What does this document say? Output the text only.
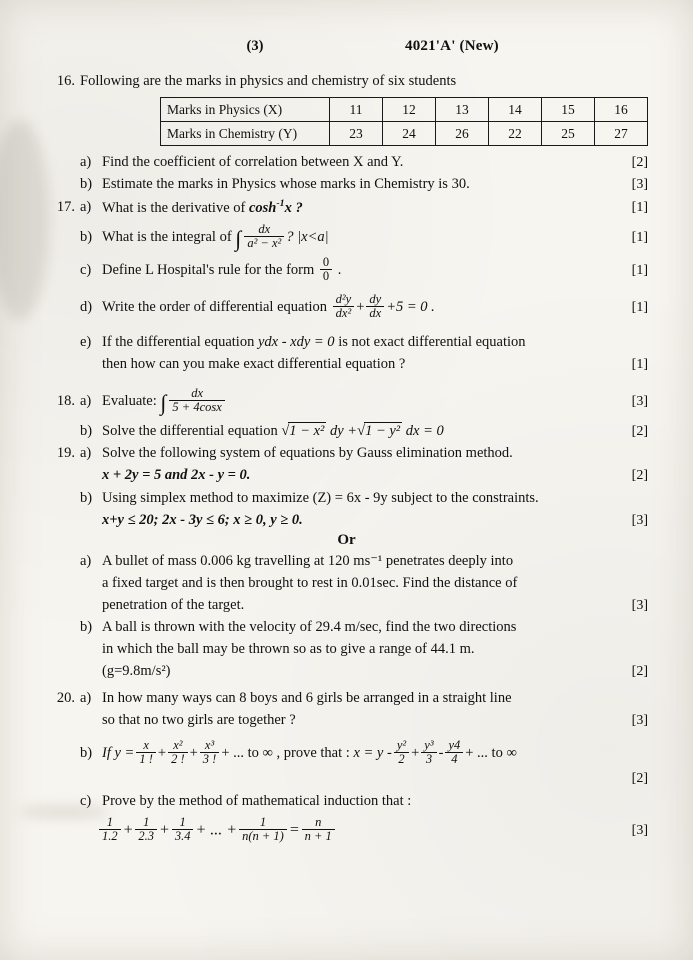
(3)	4021'A' (New)
16. Following are the marks in physics and chemistry of six students
Marks in Physics (X)	11	12	13	14	15	16
Marks in Chemistry (Y)	23	24	26	22	25	27
a) Find the coefficient of correlation between X and Y.	[2]
b) Estimate the marks in Physics whose marks in Chemistry is 30.	[3]
17. a) What is the derivative of $\cosh^{-1}x$ ?	[1]
b) What is the integral of ∫ $\frac{dx}{\text{a² − x²}}$ ? |x<a|	[1]
c) Define L Hospital's rule for the form $\frac{0}{0}$ .	[1]
d) Write the order of differential equation $\frac{\text{d²y}}{\text{dx²}} + \frac{dy}{dx} +5 = 0$ .	[1]
e) If the differential equation ydx - xdy = 0 is not exact differential equation
then how can you make exact differential equation ?	[1]
18. a) Evaluate: ∫ $\frac{dx}{5 + 4\cos x}$	[3]
b) Solve the differential equation √1 − x² dy +√1 − y² dx = 0	[2]
19. a) Solve the following system of equations by Gauss elimination method.
x + 2y = 5 and 2x - y = 0.	[2]
b) Using simplex method to maximize (Z) = 6x - 9y subject to the constraints.
x+y ≤ 20; 2x - 3y ≤ 6; x ≥ 0, y ≥ 0.	[3]
Or
a) A bullet of mass 0.006 kg travelling at 120 ms⁻¹ penetrates deeply into
a fixed target and is then brought to rest in 0.01sec. Find the distance of
penetration of the target.	[3]
b) A ball is thrown with the velocity of 29.4 m/sec, find the two directions
in which the ball may be thrown so as to give a range of 44.1 m.
(g=9.8m/s²)	[2]
20. a) In how many ways can 8 boys and 6 girls be arranged in a straight line
so that no two girls are together ?	[3]
b) If $y = \frac{x}{1 !} + \frac{\text{x²}}{2 !} + \frac{\text{x³}}{3 !}$ + ... to ∞ , prove that : $x = y - \frac{\text{y²}}{2} + \frac{\text{y³}}{3} - \frac{y4}{4}$ + ... to ∞
[2]
c) Prove by the method of mathematical induction that :
$\frac{1}{1.2} + \frac{1}{2.3} + \frac{1}{3.4}$ + ... + $\frac{1}{n(n + 1)} = \frac{n}{n + 1}$	[3]
